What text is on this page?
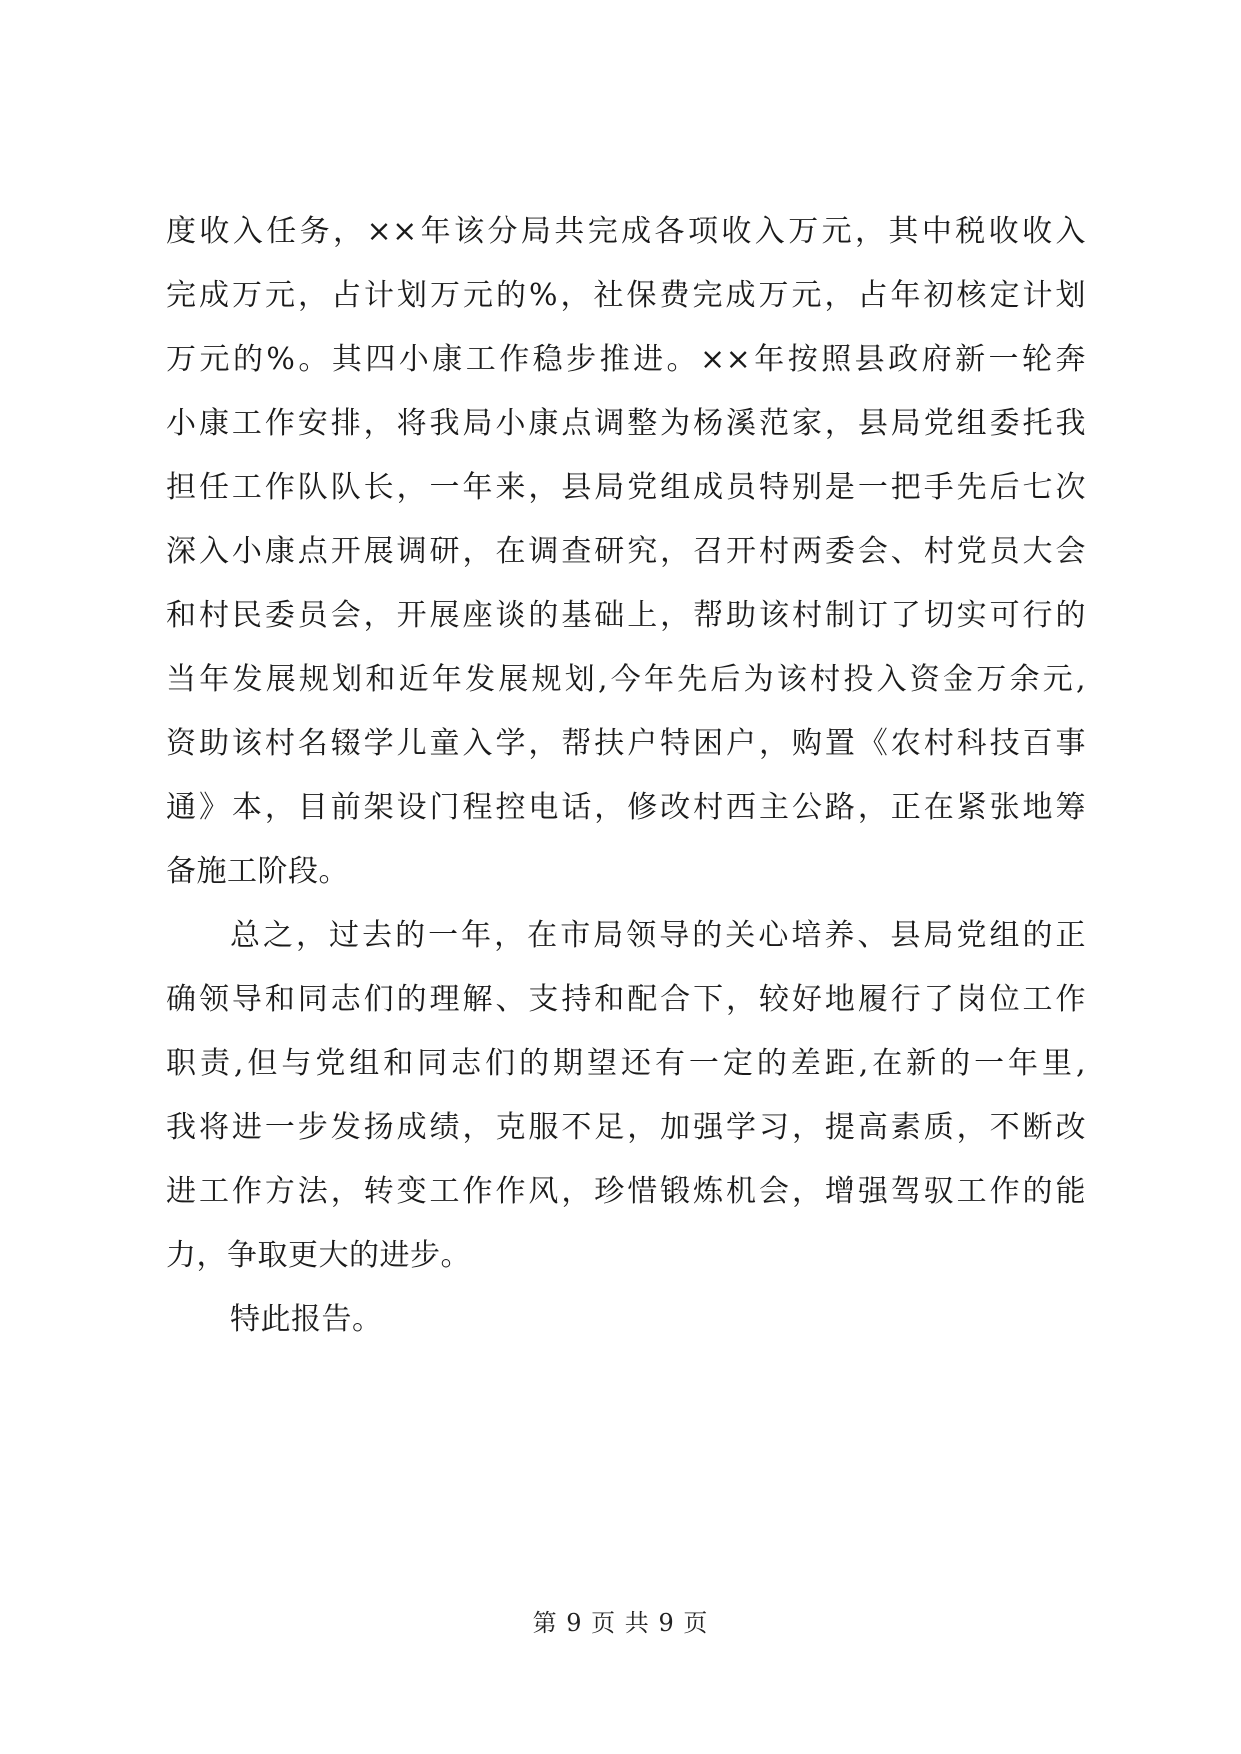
度收入任务，××年该分局共完成各项收入万元，其中税收收入
完成万元，占计划万元的%，社保费完成万元，占年初核定计划
万元的%。其四小康工作稳步推进。××年按照县政府新一轮奔
小康工作安排，将我局小康点调整为杨溪范家，县局党组委托我
担任工作队队长，一年来，县局党组成员特别是一把手先后七次
深入小康点开展调研，在调查研究，召开村两委会、村党员大会
和村民委员会，开展座谈的基础上，帮助该村制订了切实可行的
当年发展规划和近年发展规划,今年先后为该村投入资金万余元,
资助该村名辍学儿童入学，帮扶户特困户，购置《农村科技百事
通》本，目前架设门程控电话，修改村西主公路，正在紧张地筹
备施工阶段。
总之，过去的一年，在市局领导的关心培养、县局党组的正
确领导和同志们的理解、支持和配合下，较好地履行了岗位工作
职责,但与党组和同志们的期望还有一定的差距,在新的一年里,
我将进一步发扬成绩，克服不足，加强学习，提高素质，不断改
进工作方法，转变工作作风，珍惜锻炼机会，增强驾驭工作的能
力，争取更大的进步。
特此报告。
第 9 页 共 9 页
